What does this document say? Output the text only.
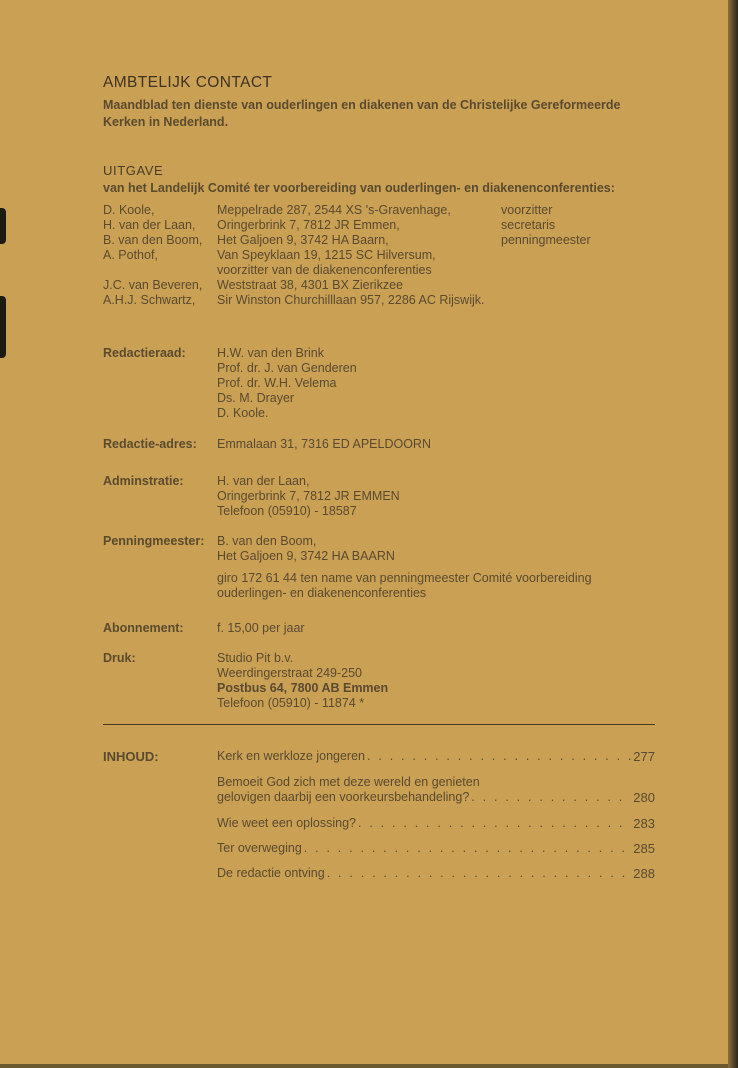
AMBTELIJK CONTACT
Maandblad ten dienste van ouderlingen en diakenen van de Christelijke Gereformeerde
Kerken in Nederland.
UITGAVE
van het Landelijk Comité ter voorbereiding van ouderlingen- en diakenenconferenties:
D. Koole,	Meppelrade 287, 2544 XS 's-Gravenhage,	voorzitter
H. van der Laan, Oringerbrink 7, 7812 JR Emmen,	secretaris
B. van den Boom, Het Galjoen 9, 3742 HA Baarn,	penningmeester
A. Pothof,	Van Speyklaan 19, 1215 SC Hilversum,
voorzitter van de diakenenconferenties
J.C. van Beveren, Weststraat 38, 4301 BX Zierikzee
A.H.J. Schwartz, Sir Winston Churchilllaan 957, 2286 AC Rijswijk.
Redactieraad:	H.W. van den Brink
Prof. dr. J. van Genderen
Prof. dr. W.H. Velema
Ds. M. Drayer
D. Koole.
Redactie-adres: Emmalaan 31, 7316 ED APELDOORN
Adminstratie:	H. van der Laan,
Oringerbrink 7, 7812 JR EMMEN
Telefoon (05910) - 18587
Penningmeester: B. van den Boom,
Het Galjoen 9, 3742 HA BAARN
giro 172 61 44 ten name van penningmeester Comité voorbereiding
ouderlingen- en diakenenconferenties
Abonnement:	f. 15,00 per jaar
Druk:	Studio Pit b.v.
Weerdingerstraat 249-250
Postbus 64, 7800 AB Emmen
Telefoon (05910) - 11874 *
INHOUD:	Kerk en werkloze jongeren . . .	277
Bemoeit God zich met deze wereld en genieten
gelovigen daarbij een voorkeursbehandeling? . . .	280
Wie weet een oplossing? . . .	283
Ter overweging . . .	285
De redactie ontving . . .	288
